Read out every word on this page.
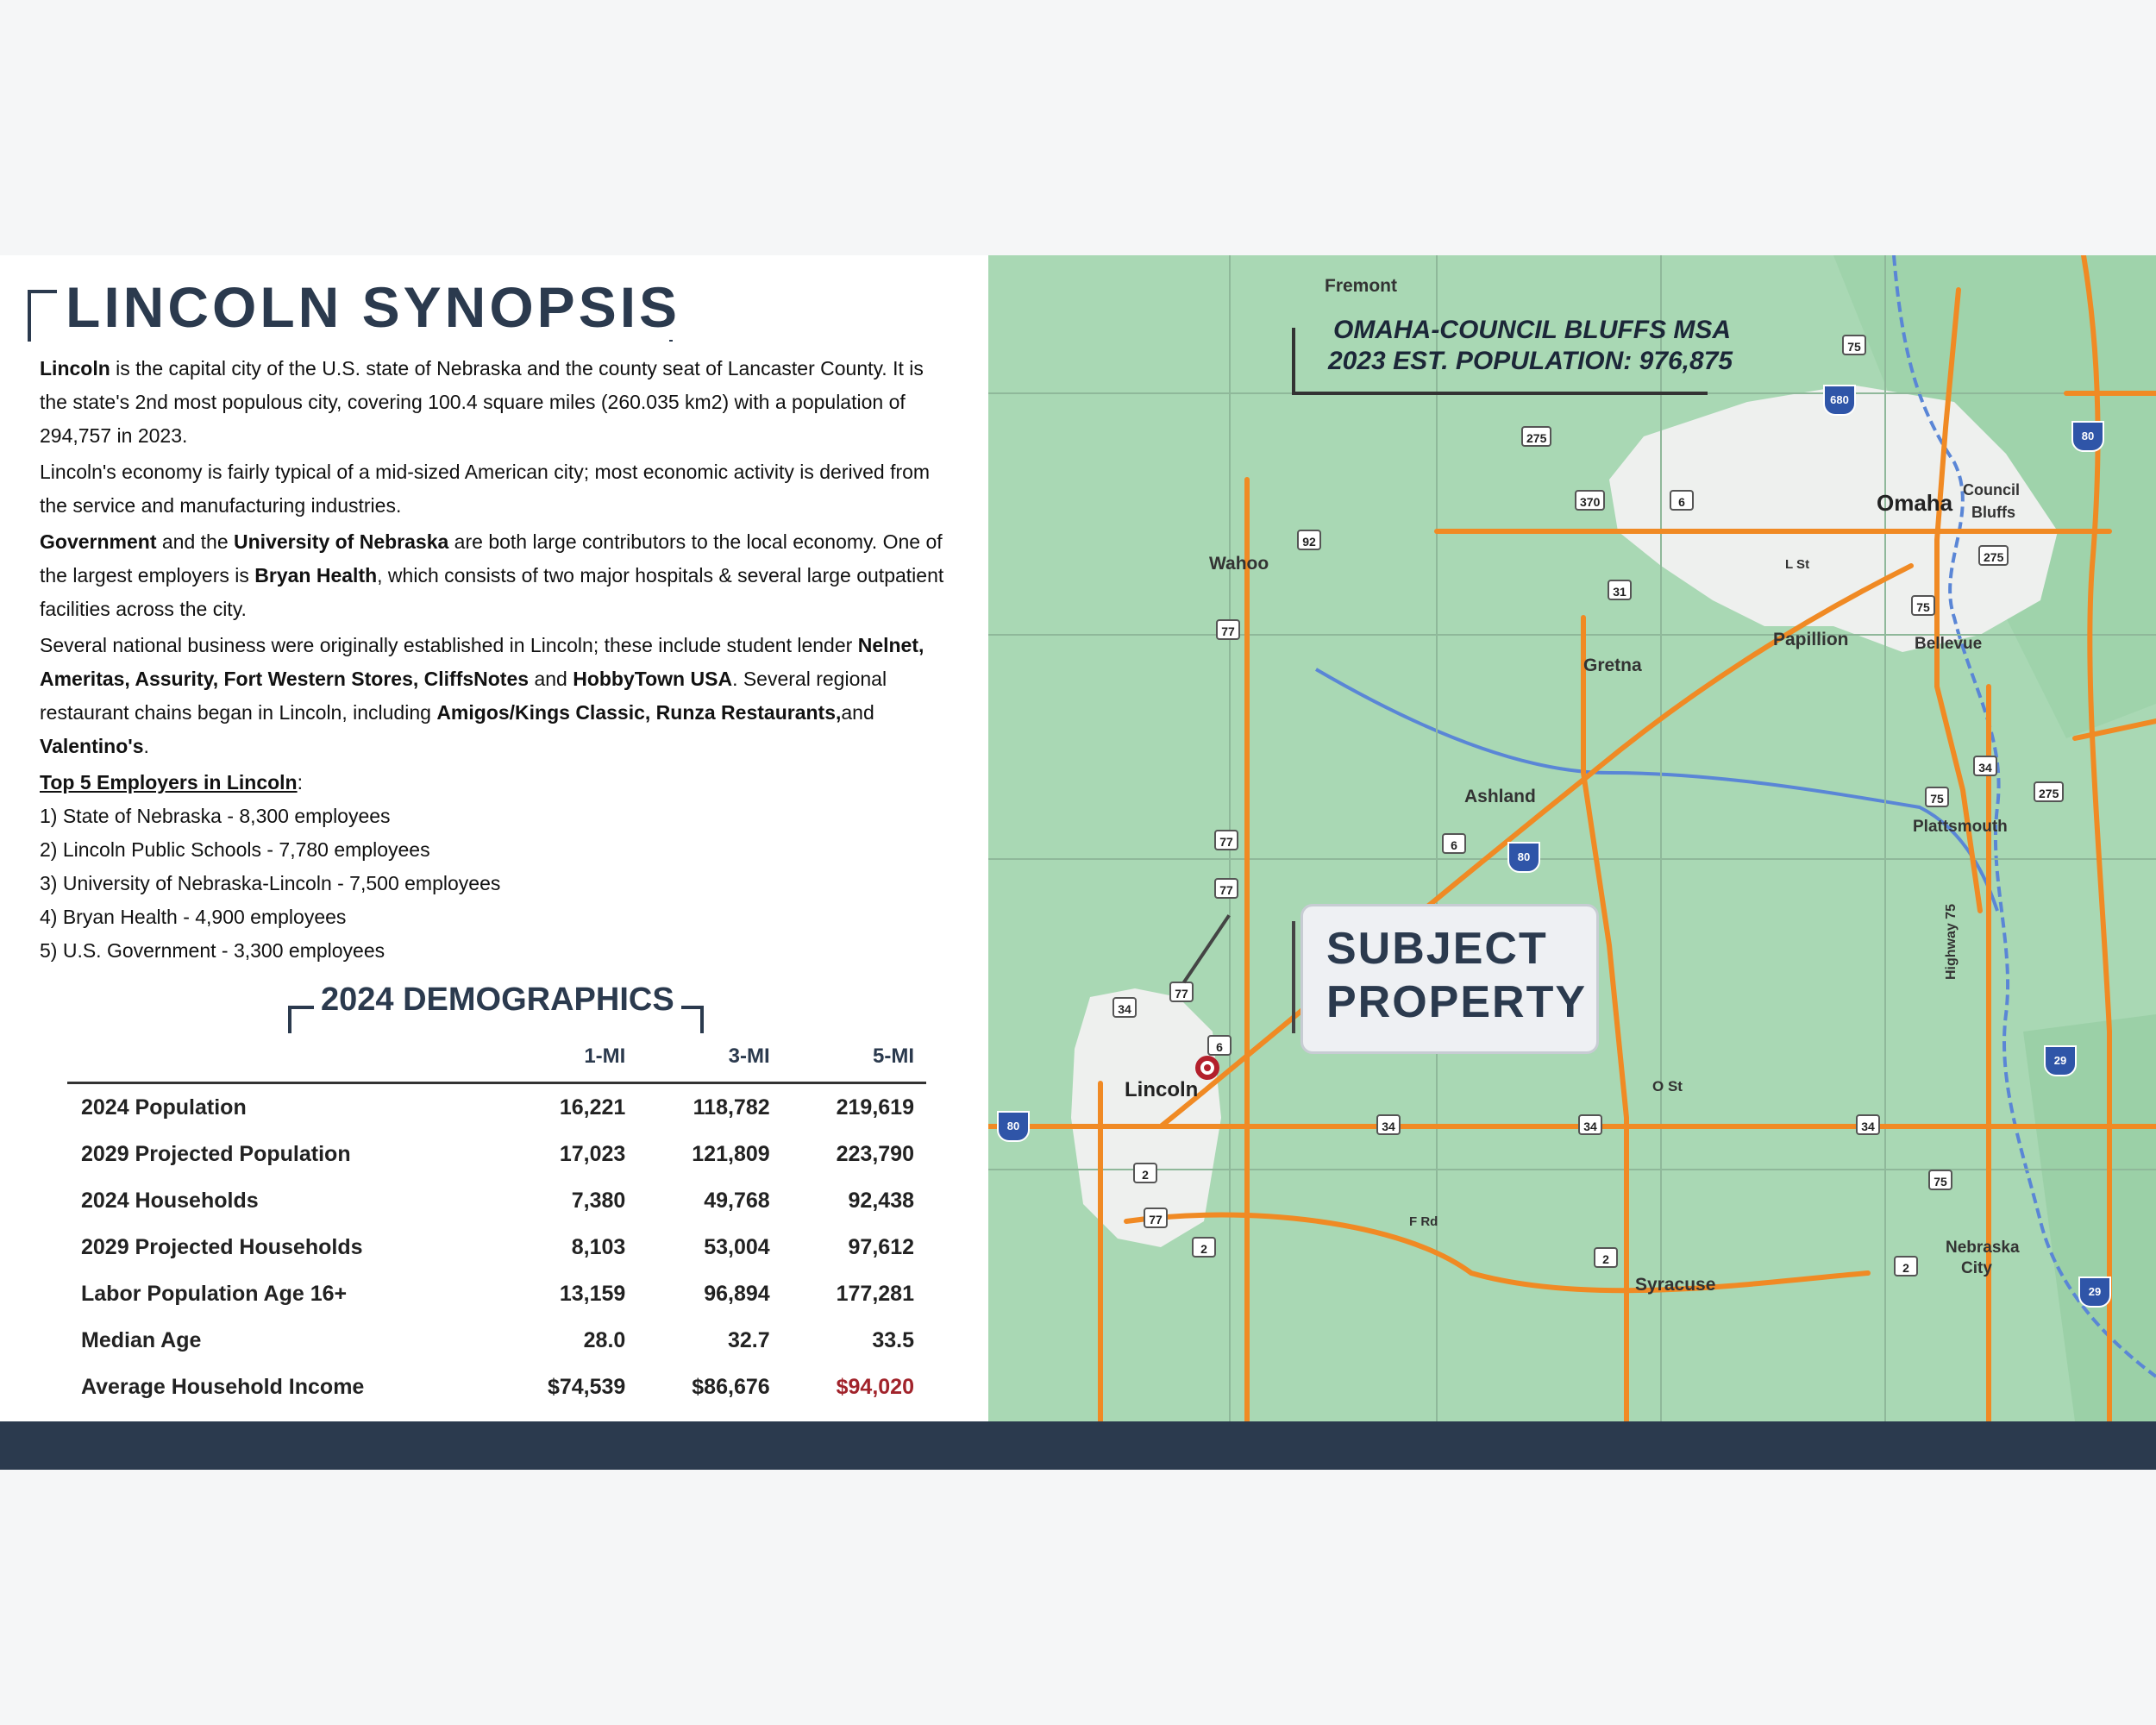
LINCOLN SYNOPSIS

Lincoln is the capital city of the U.S. state of Nebraska and the county seat of Lancaster County. It is the state's 2nd most populous city, covering 100.4 square miles (260.035 km2) with a population of 294,757 in 2023.

Lincoln's economy is fairly typical of a mid-sized American city; most economic activity is derived from the service and manufacturing industries.

Government and the University of Nebraska are both large contributors to the local economy. One of the largest employers is Bryan Health, which consists of two major hospitals & several large outpatient facilities across the city.

Several national business were originally established in Lincoln; these include student lender Nelnet, Ameritas, Assurity, Fort Western Stores, CliffsNotes and HobbyTown USA. Several regional restaurant chains began in Lincoln, including Amigos/Kings Classic, Runza Restaurants,and Valentino's.

Top 5 Employers in Lincoln:

1) State of Nebraska - 8,300 employees

2) Lincoln Public Schools - 7,780 employees

3) University of Nebraska-Lincoln - 7,500 employees

4) Bryan Health - 4,900 employees

5) U.S. Government - 3,300 employees

2024 DEMOGRAPHICS
	1-MI	3-MI	5-MI
2024 Population	16,221	118,782	219,619
2029 Projected Population	17,023	121,809	223,790
2024 Households	7,380	49,768	92,438
2029 Projected Households	8,103	53,004	97,612
Labor Population Age 16+	13,159	96,894	177,281
Median Age	28.0	32.7	33.5
Average Household Income	$74,539	$86,676	$94,020
Fremont
Omaha Council
Bluffs
Wahoo
Papillion
Gretna
Bellevue
Ashland
Plattsmouth
Lincoln
Syracuse
Nebraska
City
L St
O St
F Rd
Highway 75
275
6
370
92
31
77
77
77
77
77
34
34	34	34
34
2
2
2
2
6
6
75
75
75
75
275
275
680
80
80
80
29
29
OMAHA-COUNCIL BLUFFS MSA
2023 EST. POPULATION: 976,875
SUBJECT
PROPERTY
